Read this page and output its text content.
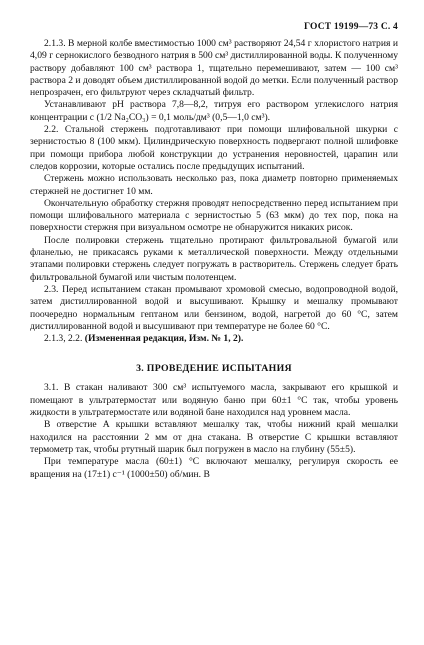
ГОСТ 19199—73 С. 4

2.1.3. В мерной колбе вместимостью 1000 см³ растворяют 24,54 г хлористого натрия и 4,09 г сернокислого безводного натрия в 500 см³ дистиллированной воды. К полученному раствору добавляют 100 см³ раствора 1, тщательно перемешивают, затем — 100 см³ раствора 2 и доводят объем дистиллированной водой до метки. Если полученный раствор непрозрачен, его фильтруют через складчатый фильтр.

Устанавливают рН раствора 7,8—8,2, титруя его раствором углекислого натрия концентрации c (1/2 Na₂CO₃) = 0,1 моль/дм³ (0,5—1,0 см³).

2.2. Стальной стержень подготавливают при помощи шлифовальной шкурки с зернистостью 8 (100 мкм). Цилиндрическую поверхность подвергают полной шлифовке при помощи прибора любой конструкции до устранения неровностей, царапин или следов коррозии, которые остались после предыдущих испытаний.

Стержень можно использовать несколько раз, пока диаметр повторно применяемых стержней не достигнет 10 мм.

Окончательную обработку стержня проводят непосредственно перед испытанием при помощи шлифовального материала с зернистостью 5 (63 мкм) до тех пор, пока на поверхности стержня при визуальном осмотре не обнаружится никаких рисок.

После полировки стержень тщательно протирают фильтровальной бумагой или фланелью, не прикасаясь руками к металлической поверхности. Между отдельными этапами полировки стержень следует погружать в растворитель. Стержень следует брать фильтровальной бумагой или чистым полотенцем.

2.3. Перед испытанием стакан промывают хромовой смесью, водопроводной водой, затем дистиллированной водой и высушивают. Крышку и мешалку промывают поочередно нормальным гептаном или бензином, водой, нагретой до 60 °С, затем дистиллированной водой и высушивают при температуре не более 60 °С.

2.1.3, 2.2. (Измененная редакция, Изм. № 1, 2).

3. ПРОВЕДЕНИЕ ИСПЫТАНИЯ

3.1. В стакан наливают 300 см³ испытуемого масла, закрывают его крышкой и помещают в ультратермостат или водяную баню при 60±1 °С так, чтобы уровень жидкости в ультратермостате или водяной бане находился над уровнем масла.

В отверстие А крышки вставляют мешалку так, чтобы нижний край мешалки находился на расстоянии 2 мм от дна стакана. В отверстие С крышки вставляют термометр так, чтобы ртутный шарик был погружен в масло на глубину (55±5).

При температуре масла (60±1) °С включают мешалку, регулируя скорость ее вращения на (17±1) с⁻¹ (1000±50) об/мин. В
